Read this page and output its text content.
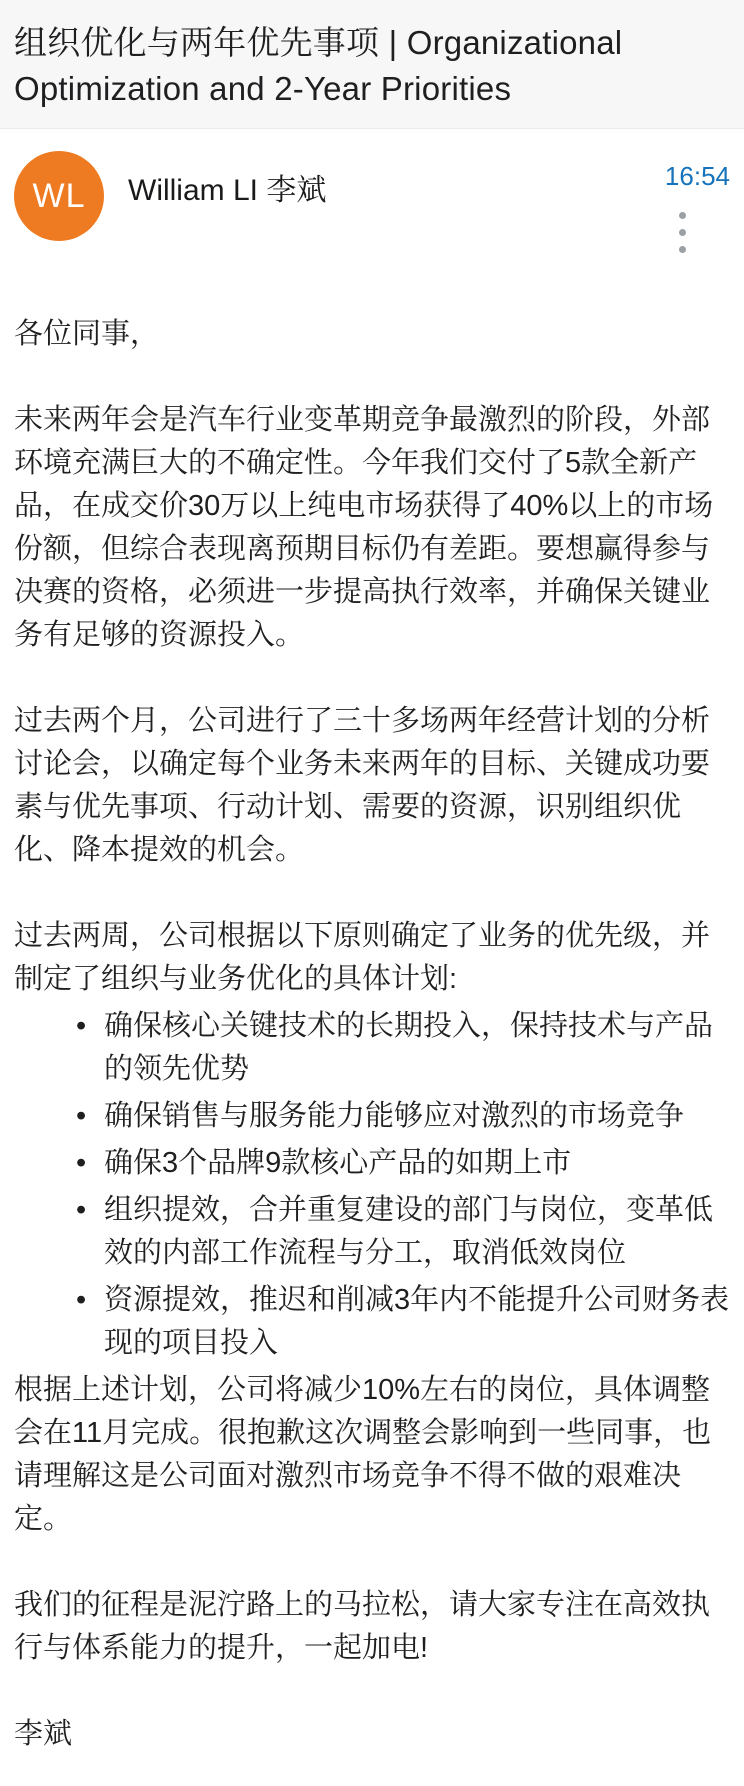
组织优化与两年优先事项 | Organizational Optimization and 2-Year Priorities
WL	William LI 李斌	16:54

各位同事，

未来两年会是汽车行业变革期竞争最激烈的阶段，外部环境充满巨大的不确定性。今年我们交付了5款全新产品，在成交价30万以上纯电市场获得了40%以上的市场份额，但综合表现离预期目标仍有差距。要想赢得参与决赛的资格，必须进一步提高执行效率，并确保关键业务有足够的资源投入。

过去两个月，公司进行了三十多场两年经营计划的分析讨论会，以确定每个业务未来两年的目标、关键成功要素与优先事项、行动计划、需要的资源，识别组织优化、降本提效的机会。

过去两周，公司根据以下原则确定了业务的优先级，并制定了组织与业务优化的具体计划:

• 确保核心关键技术的长期投入，保持技术与产品的领先优势
• 确保销售与服务能力能够应对激烈的市场竞争
• 确保3个品牌9款核心产品的如期上市
• 组织提效，合并重复建设的部门与岗位，变革低效的内部工作流程与分工，取消低效岗位
• 资源提效，推迟和削减3年内不能提升公司财务表现的项目投入

根据上述计划，公司将减少10%左右的岗位，具体调整会在11月完成。很抱歉这次调整会影响到一些同事，也请理解这是公司面对激烈市场竞争不得不做的艰难决定。

我们的征程是泥泞路上的马拉松，请大家专注在高效执行与体系能力的提升，一起加电!

李斌
